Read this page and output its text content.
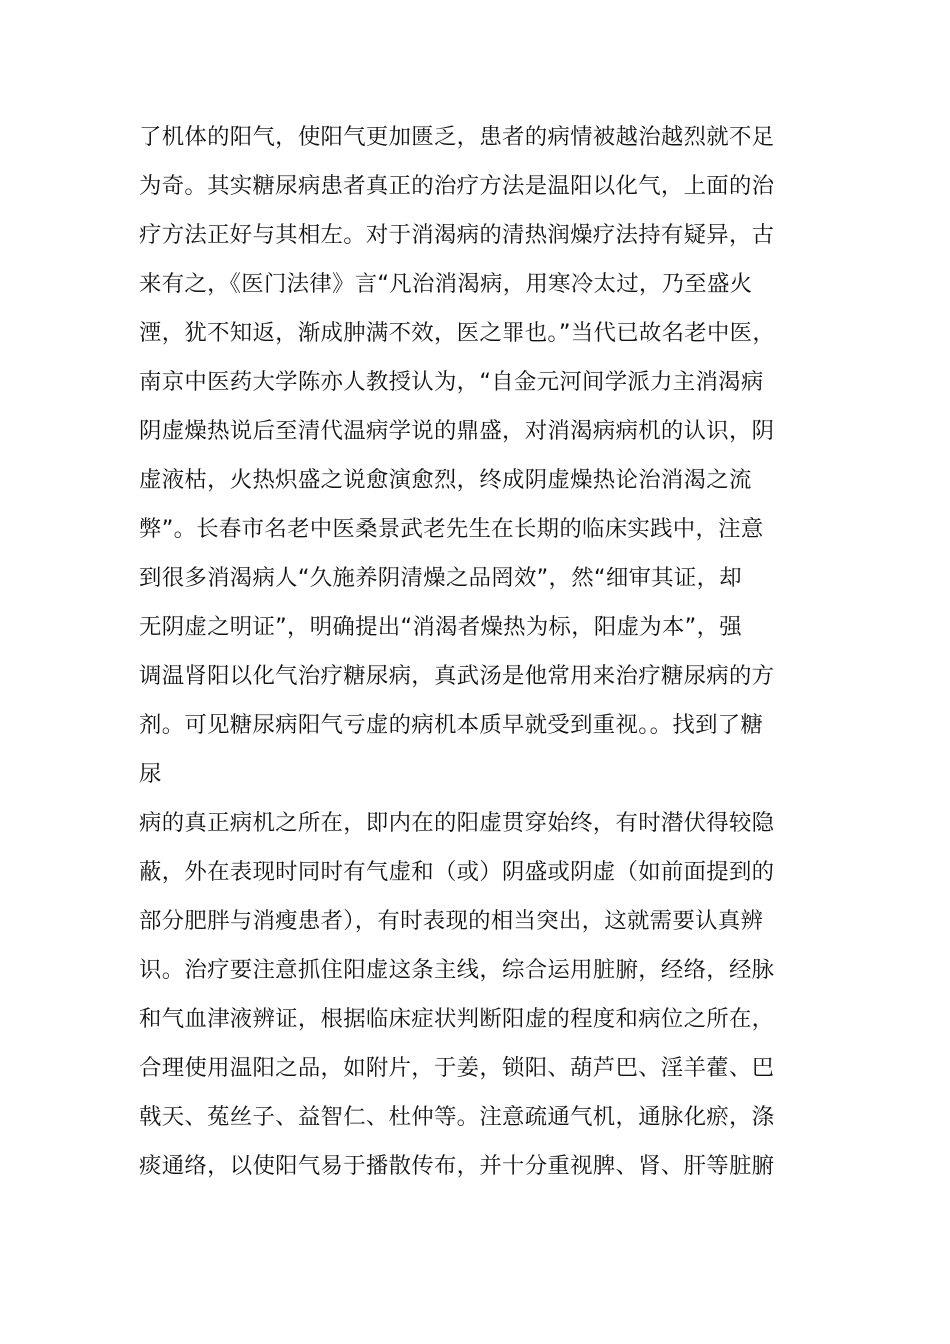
了机体的阳气，使阳气更加匮乏，患者的病情被越治越烈就不足
为奇。其实糖尿病患者真正的治疗方法是温阳以化气，上面的治
疗方法正好与其相左。对于消渴病的清热润燥疗法持有疑异，古
来有之，《医门法律》言“凡治消渴病，用寒冷太过，乃至盛火
湮，犹不知返，渐成肿满不效，医之罪也。”当代已故名老中医，
南京中医药大学陈亦人教授认为，“自金元河间学派力主消渴病
阴虚燥热说后至清代温病学说的鼎盛，对消渴病病机的认识，阴
虚液枯，火热炽盛之说愈演愈烈，终成阴虚燥热论治消渴之流
弊”。长春市名老中医桑景武老先生在长期的临床实践中，注意
到很多消渴病人“久施养阴清燥之品罔效”，然“细审其证，却
无阴虚之明证”，明确提出“消渴者燥热为标，阳虚为本”，强
调温肾阳以化气治疗糖尿病，真武汤是他常用来治疗糖尿病的方
剂。可见糖尿病阳气亏虚的病机本质早就受到重视。。找到了糖
尿
病的真正病机之所在，即内在的阳虚贯穿始终，有时潜伏得较隐
蔽，外在表现时同时有气虚和（或）阴盛或阴虚（如前面提到的
部分肥胖与消瘦患者），有时表现的相当突出，这就需要认真辨
识。治疗要注意抓住阳虚这条主线，综合运用脏腑，经络，经脉
和气血津液辨证，根据临床症状判断阳虚的程度和病位之所在，
合理使用温阳之品，如附片，于姜，锁阳、葫芦巴、淫羊藿、巴
戟天、菟丝子、益智仁、杜仲等。注意疏通气机，通脉化瘀，涤
痰通络，以使阳气易于播散传布，并十分重视脾、肾、肝等脏腑
